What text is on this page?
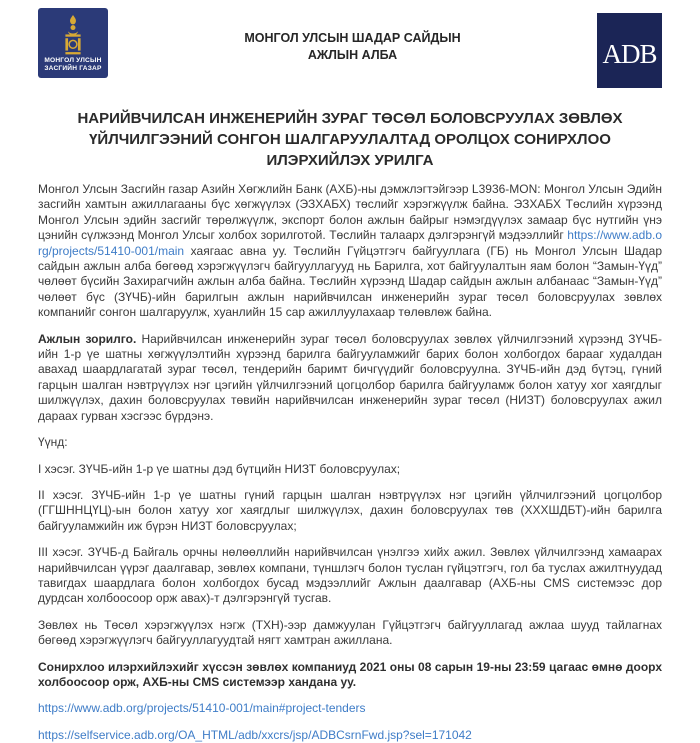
МОНГОЛ УЛСЫН
ЗАСГИЙН ГАЗАР
МОНГОЛ УЛСЫН ШАДАР САЙДЫН
АЖЛЫН АЛБА	ADB
НАРИЙВЧИЛСАН ИНЖЕНЕРИЙН ЗУРАГ ТӨСӨЛ БОЛОВСРУУЛАХ ЗӨВЛӨХ ҮЙЛЧИЛГЭЭНИЙ СОНГОН ШАЛГАРУУЛАЛТАД ОРОЛЦОХ СОНИРХЛОО ИЛЭРХИЙЛЭХ УРИЛГА

Монгол Улсын Засгийн газар Азийн Хөгжлийн Банк (АХБ)-ны дэмжлэгтэйгээр L3936-MON: Монгол Улсын Эдийн засгийн хамтын ажиллагааны бүс хөгжүүлэх (ЭЗХАБХ) төслийг хэрэгжүүлж байна. ЭЗХАБХ Төслийн хүрээнд Монгол Улсын эдийн засгийг төрөлжүүлж, экспорт болон ажлын байрыг нэмэгдүүлэх замаар бүс нутгийн үнэ цэнийн сүлжээнд Монгол Улсыг холбох зорилготой. Төслийн талаарх дэлгэрэнгүй мэдээллийг https://www.adb.org/projects/51410-001/main хаягаас авна уу. Төслийн Гүйцэтгэгч байгууллага (ГБ) нь Монгол Улсын Шадар сайдын ажлын алба бөгөөд хэрэгжүүлэгч байгууллагууд нь Барилга, хот байгуулалтын яам болон “Замын-Үүд” чөлөөт бүсийн Захирагчийн ажлын алба байна. Төслийн хүрээнд Шадар сайдын ажлын албанаас “Замын-Үүд” чөлөөт бүс (ЗҮЧБ)-ийн барилгын ажлын нарийвчилсан инженерийн зураг төсөл боловсруулах зөвлөх компанийг сонгон шалгаруулж, хуанлийн 15 сар ажиллуулахаар төлөвлөж байна.

Ажлын зорилго. Нарийвчилсан инженерийн зураг төсөл боловсруулах зөвлөх үйлчилгээний хүрээнд ЗҮЧБ-ийн 1-р үе шатны хөгжүүлэлтийн хүрээнд барилга байгууламжийг барих болон холбогдох барааг худалдан авахад шаардлагатай зураг төсөл, тендерийн баримт бичгүүдийг боловсруулна. ЗҮЧБ-ийн дэд бүтэц, гүний гарцын шалган нэвтрүүлэх нэг цэгийн үйлчилгээний цогцолбор барилга байгууламж болон хатуу хог хаягдлыг шилжүүлэх, дахин боловсруулах төвийн нарийвчилсан инженерийн зураг төсөл (НИЗТ) боловсруулах ажил дараах гурван хэсгээс бүрдэнэ.

Үүнд:

I хэсэг. ЗҮЧБ-ийн 1-р үе шатны дэд бүтцийн НИЗТ боловсруулах;

II хэсэг. ЗҮЧБ-ийн 1-р үе шатны гүний гарцын шалган нэвтрүүлэх нэг цэгийн үйлчилгээний цогцолбор (ГГШННЦҮЦ)-ын болон хатуу хог хаягдлыг шилжүүлэх, дахин боловсруулах төв (ХХХШДБТ)-ийн барилга байгууламжийн иж бүрэн НИЗТ боловсруулах;

III хэсэг. ЗҮЧБ-д Байгаль орчны нөлөөллийн нарийвчилсан үнэлгээ хийх ажил. Зөвлөх үйлчилгээнд хамаарах нарийвчилсан үүрэг даалгавар, зөвлөх компани, түншлэгч болон туслан гүйцэтгэгч, гол ба туслах ажилтнуудад тавигдах шаардлага болон холбогдох бусад мэдээллийг Ажлын даалгавар (АХБ-ны CMS системээс дор дурдсан холбоосоор орж авах)-т дэлгэрэнгүй тусгав.

Зөвлөх нь Төсөл хэрэгжүүлэх нэгж (ТХН)-ээр дамжуулан Гүйцэтгэгч байгууллагад ажлаа шууд тайлагнах бөгөөд хэрэгжүүлэгч байгууллагуудтай нягт хамтран ажиллана.

Сонирхлоо илэрхийлэхийг хүссэн зөвлөх компаниуд 2021 оны 08 сарын 19-ны 23:59 цагаас өмнө доорх холбоосоор орж, АХБ-ны CMS системээр хандана уу.

https://www.adb.org/projects/51410-001/main#project-tenders

https://selfservice.adb.org/OA_HTML/adb/xxcrs/jsp/ADBCsrnFwd.jsp?sel=171042
